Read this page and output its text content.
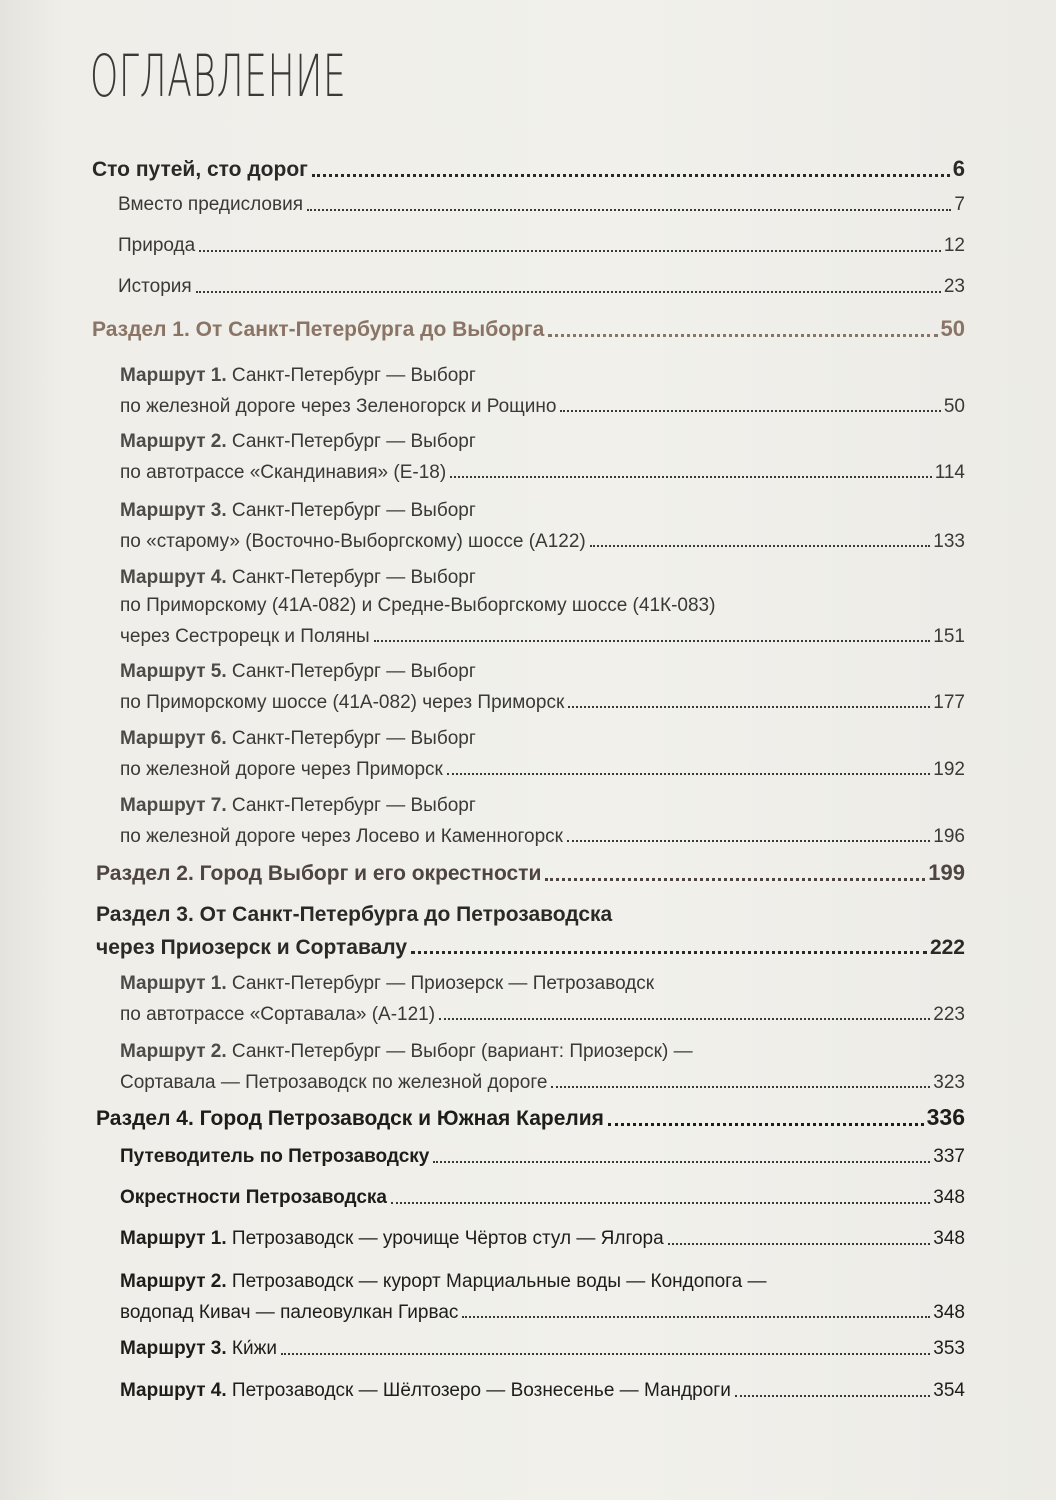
ОГЛАВЛЕНИЕ
Сто путей, сто дорог	6
Вместо предисловия	7
Природа	12
История	23
Раздел 1. От Санкт-Петербурга до Выборга	50
Маршрут 1. Санкт-Петербург — Выборг
по железной дороге через Зеленогорск и Рощино	50
Маршрут 2. Санкт-Петербург — Выборг
по автотрассе «Скандинавия» (Е-18)	114
Маршрут 3. Санкт-Петербург — Выборг
по «старому» (Восточно-Выборгскому) шоссе (А122)	133
Маршрут 4. Санкт-Петербург — Выборг
по Приморскому (41А-082) и Средне-Выборгскому шоссе (41К-083)
через Сестрорецк и Поляны	151
Маршрут 5. Санкт-Петербург — Выборг
по Приморскому шоссе (41А-082) через Приморск	177
Маршрут 6. Санкт-Петербург — Выборг
по железной дороге через Приморск	192
Маршрут 7. Санкт-Петербург — Выборг
по железной дороге через Лосево и Каменногорск	196
Раздел 2. Город Выборг и его окрестности	199
Раздел 3. От Санкт-Петербурга до Петрозаводска
через Приозерск и Сортавалу	222
Маршрут 1. Санкт-Петербург — Приозерск — Петрозаводск
по автотрассе «Сортавала» (А-121)	223
Маршрут 2. Санкт-Петербург — Выборг (вариант: Приозерск) —
Сортавала — Петрозаводск по железной дороге	323
Раздел 4. Город Петрозаводск и Южная Карелия	336
Путеводитель по Петрозаводску	337
Окрестности Петрозаводска	348
Маршрут 1. Петрозаводск — урочище Чёртов стул — Ялгора	348
Маршрут 2. Петрозаводск — курорт Марциальные воды — Кондопога —
водопад Кивач — палеовулкан Гирвас	348
Маршрут 3. Ки́жи	353
Маршрут 4. Петрозаводск — Шёлтозеро — Вознесенье — Мандроги	354
